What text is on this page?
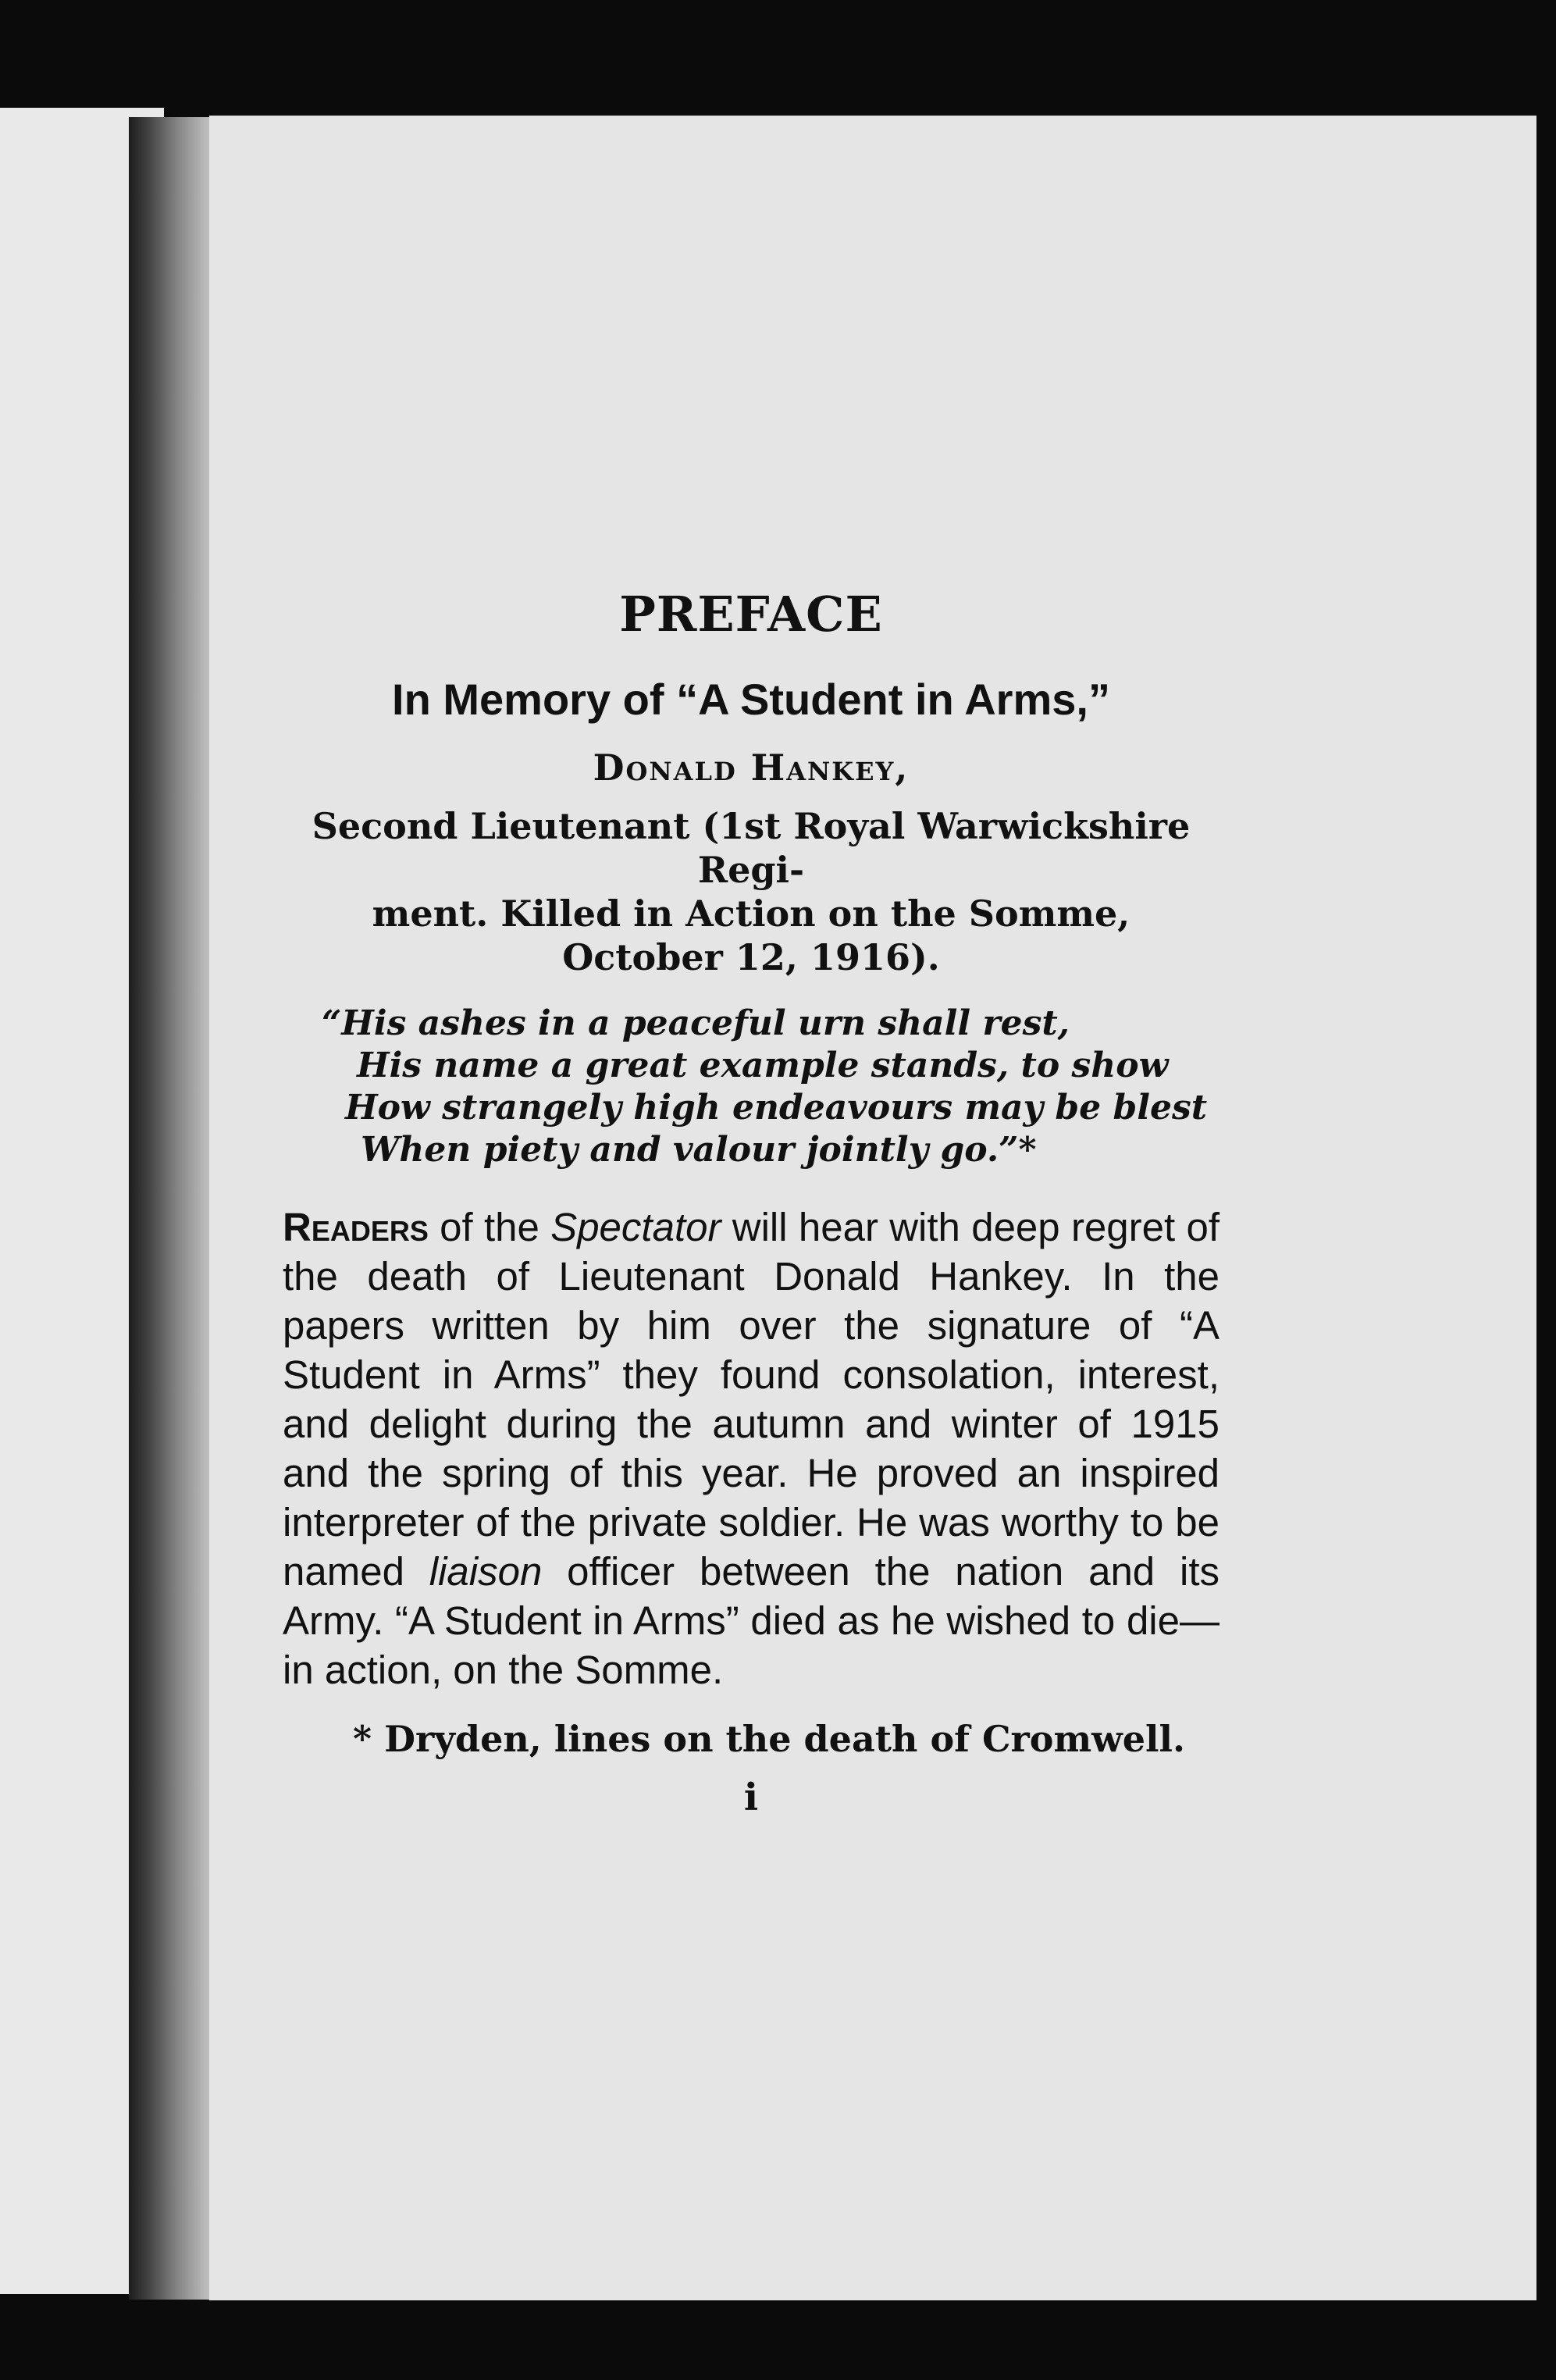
PREFACE
In Memory of “A Student in Arms,”
Donald Hankey,
Second Lieutenant (1st Royal Warwickshire Regi-
ment. Killed in Action on the Somme,
October 12, 1916).
“His ashes in a peaceful urn shall rest,
His name a great example stands, to show
How strangely high endeavours may be blest
When piety and valour jointly go.”*

Readers of the Spectator will hear with deep regret of the death of Lieutenant Donald Hankey. In the papers written by him over the signature of “A Student in Arms” they found consolation, interest, and delight during the autumn and winter of 1915 and the spring of this year. He proved an inspired interpreter of the private soldier. He was worthy to be named liaison officer between the nation and its Army. “A Student in Arms” died as he wished to die—in action, on the Somme.

* Dryden, lines on the death of Cromwell.
i
